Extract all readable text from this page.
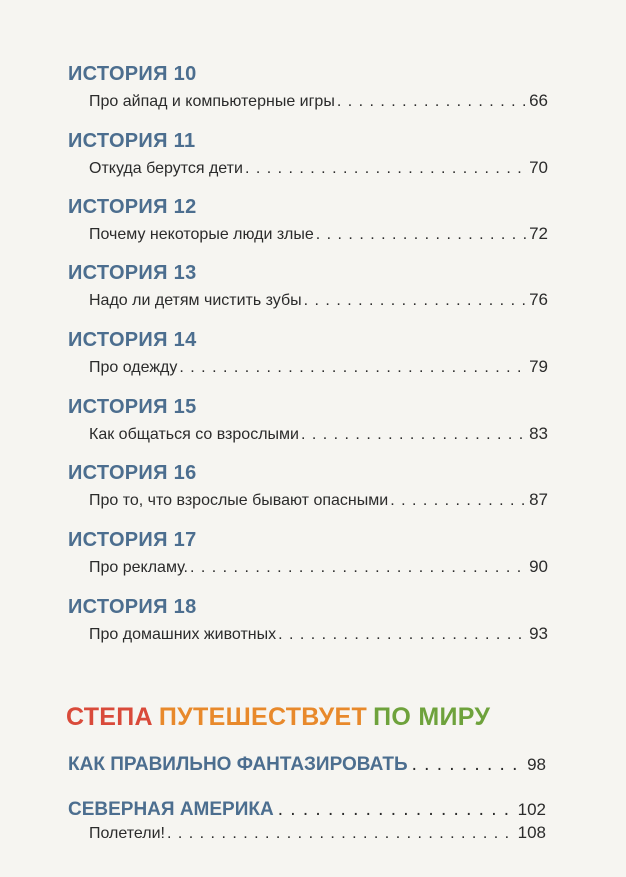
ИСТОРИЯ 10
Про айпад и компьютерные игры . . .	66
ИСТОРИЯ 11
Откуда берутся дети . . .	70
ИСТОРИЯ 12
Почему некоторые люди злые . . .	72
ИСТОРИЯ 13
Надо ли детям чистить зубы . . .	76
ИСТОРИЯ 14
Про одежду . . .	79
ИСТОРИЯ 15
Как общаться со взрослыми . . .	83
ИСТОРИЯ 16
Про то, что взрослые бывают опасными . . .	87
ИСТОРИЯ 17
Про рекламу. . . .	90
ИСТОРИЯ 18
Про домашних животных . . .	93
СТЕПА ПУТЕШЕСТВУЕТ ПО МИРУ
КАК ПРАВИЛЬНО ФАНТАЗИРОВАТЬ . . .	98
СЕВЕРНАЯ АМЕРИКА . . .	102
Полетели! . . .	108
